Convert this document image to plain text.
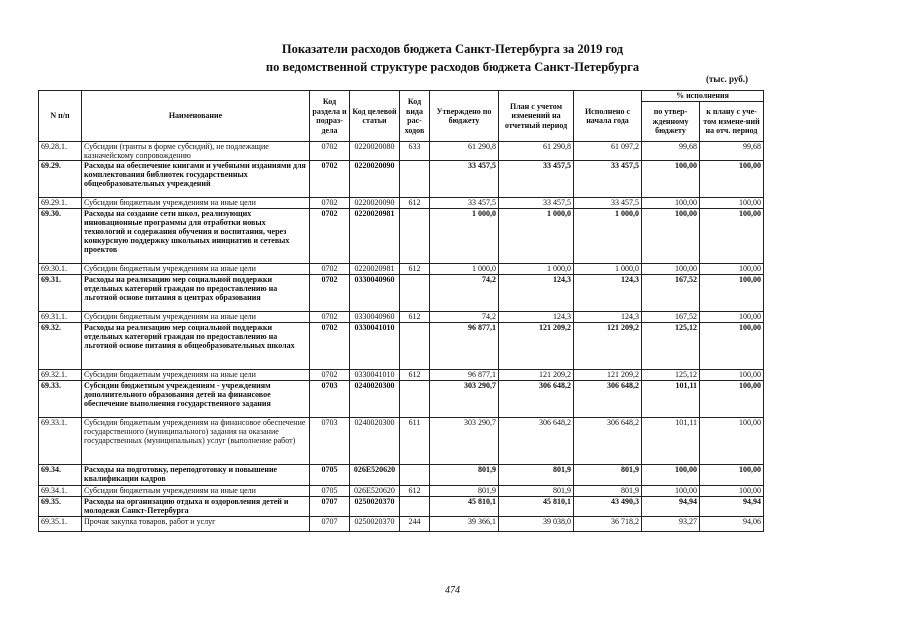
Показатели расходов бюджета Санкт-Петербурга за 2019 год
по ведомственной структуре расходов бюджета Санкт-Петербурга
(тыс. руб.)
N п/п	Наименование	Код раздела и подраз-дела	Код целевой статьи	Код вида рас-ходов	Утверждено по бюджету	План с учетом изменений на отчетный период	Исполнено с начала года	% исполнения	
								по утвер-жденному бюджету	к плану с уче-том измене-ний на отч. период
69.28.1.	Субсидии (гранты в форме субсидий), не подлежащие казначейскому сопровождению	0702	0220020080	633	61 290,8	61 290,8	61 097,2	99,68	99,68
69.29.	Расходы на обеспечение книгами и учебными изданиями для комплектования библиотек государственных общеобразовательных учреждений	0702	0220020090		33 457,5	33 457,5	33 457,5	100,00	100,00
69.29.1.	Субсидии бюджетным учреждениям на иные цели	0702	0220020090	612	33 457,5	33 457,5	33 457,5	100,00	100,00
69.30.	Расходы на создание сети школ, реализующих инновационные программы для отработки новых технологий и содержания обучения и воспитания, через конкурсную поддержку школьных инициатив и сетевых проектов	0702	0220020981		1 000,0	1 000,0	1 000,0	100,00	100,00
69.30.1.	Субсидии бюджетным учреждениям на иные цели	0702	0220020981	612	1 000,0	1 000,0	1 000,0	100,00	100,00
69.31.	Расходы на реализацию мер социальной поддержки отдельных категорий граждан по предоставлению на льготной основе питания в центрах образования	0702	0330040960		74,2	124,3	124,3	167,52	100,00
69.31.1.	Субсидии бюджетным учреждениям на иные цели	0702	0330040960	612	74,2	124,3	124,3	167,52	100,00
69.32.	Расходы на реализацию мер социальной поддержки отдельных категорий граждан по предоставлению на льготной основе питания в общеобразовательных школах	0702	0330041010		96 877,1	121 209,2	121 209,2	125,12	100,00
69.32.1.	Субсидии бюджетным учреждениям на иные цели	0702	0330041010	612	96 877,1	121 209,2	121 209,2	125,12	100,00
69.33.	Субсидии бюджетным учреждениям - учреждениям дополнительного образования детей на финансовое обеспечение выполнения государственного задания	0703	0240020300		303 290,7	306 648,2	306 648,2	101,11	100,00
69.33.1.	Субсидии бюджетным учреждениям на финансовое обеспечение государственного (муниципального) задания на оказание государственных (муниципальных) услуг (выполнение работ)	0703	0240020300	611	303 290,7	306 648,2	306 648,2	101,11	100,00
69.34.	Расходы на подготовку, переподготовку и повышение квалификации кадров	0705	026Е520620		801,9	801,9	801,9	100,00	100,00
69.34.1.	Субсидии бюджетным учреждениям на иные цели	0705	026Е520620	612	801,9	801,9	801,9	100,00	100,00
69.35.	Расходы на организацию отдыха и оздоровления детей и молодежи Санкт-Петербурга	0707	0250020370		45 810,1	45 810,1	43 490,3	94,94	94,94
69.35.1.	Прочая закупка товаров, работ и услуг	0707	0250020370	244	39 366,1	39 038,0	36 718,2	93,27	94,06
474
